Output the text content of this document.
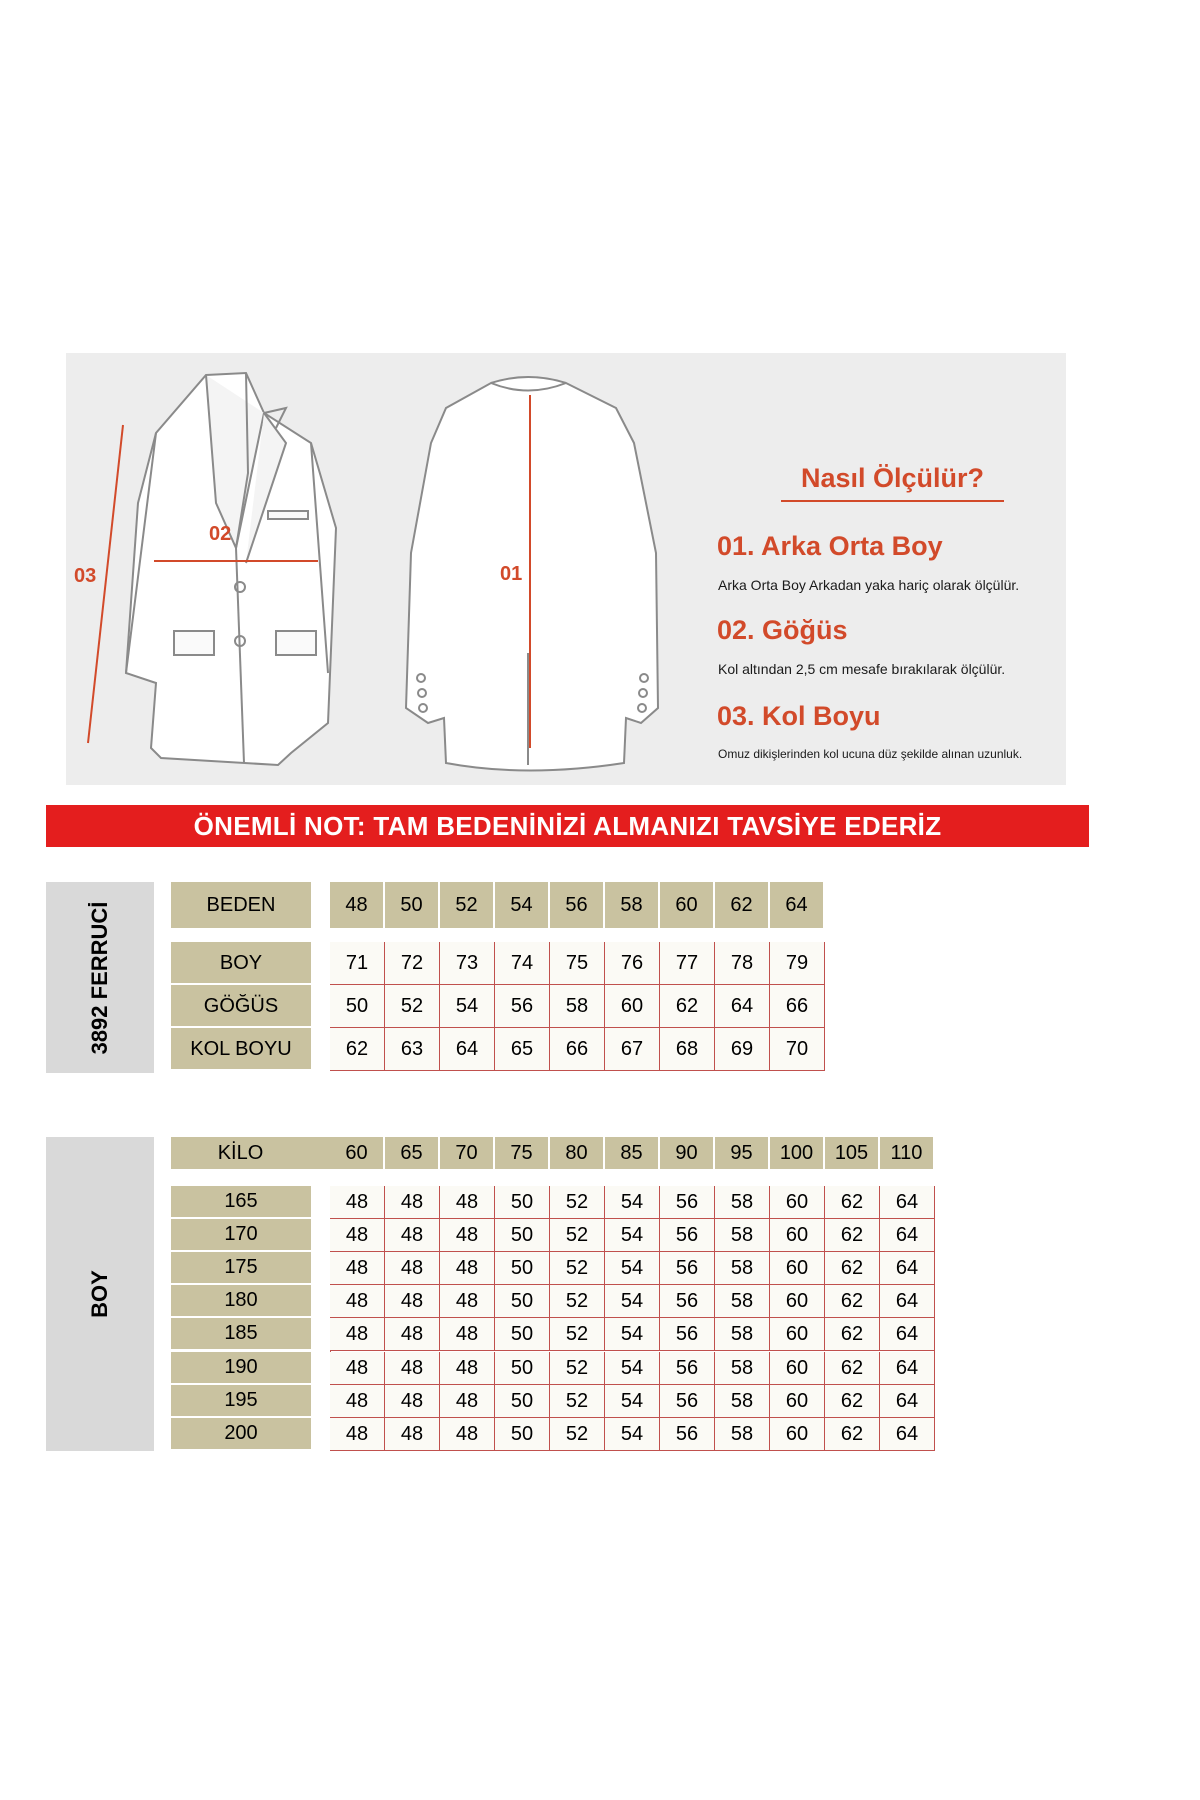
03
02
01
Nasıl Ölçülür?
01. Arka Orta Boy
Arka Orta Boy Arkadan yaka hariç olarak ölçülür.
02. Göğüs
Kol altından 2,5 cm mesafe bırakılarak ölçülür.
03. Kol Boyu
Omuz dikişlerinden kol ucuna düz şekilde alınan uzunluk.
ÖNEMLİ NOT: TAM BEDENİNİZİ ALMANIZI TAVSİYE EDERİZ
3892 FERRUCİ	BEDEN	48	50	52	54	56	58	60	62	64
BOY	71	72	73	74	75	76	77	78	79
GÖĞÜS	50	52	54	56	58	60	62	64	66
KOL BOYU	62	63	64	65	66	67	68	69	70
BOY
KİLO	60	65	70	75	80	85	90	95	100	105	110
165	48	48	48	50	52	54	56	58	60	62	64
170	48	48	48	50	52	54	56	58	60	62	64
175	48	48	48	50	52	54	56	58	60	62	64
180	48	48	48	50	52	54	56	58	60	62	64
185	48	48	48	50	52	54	56	58	60	62	64
190	48	48	48	50	52	54	56	58	60	62	64
195	48	48	48	50	52	54	56	58	60	62	64
200	48	48	48	50	52	54	56	58	60	62	64
